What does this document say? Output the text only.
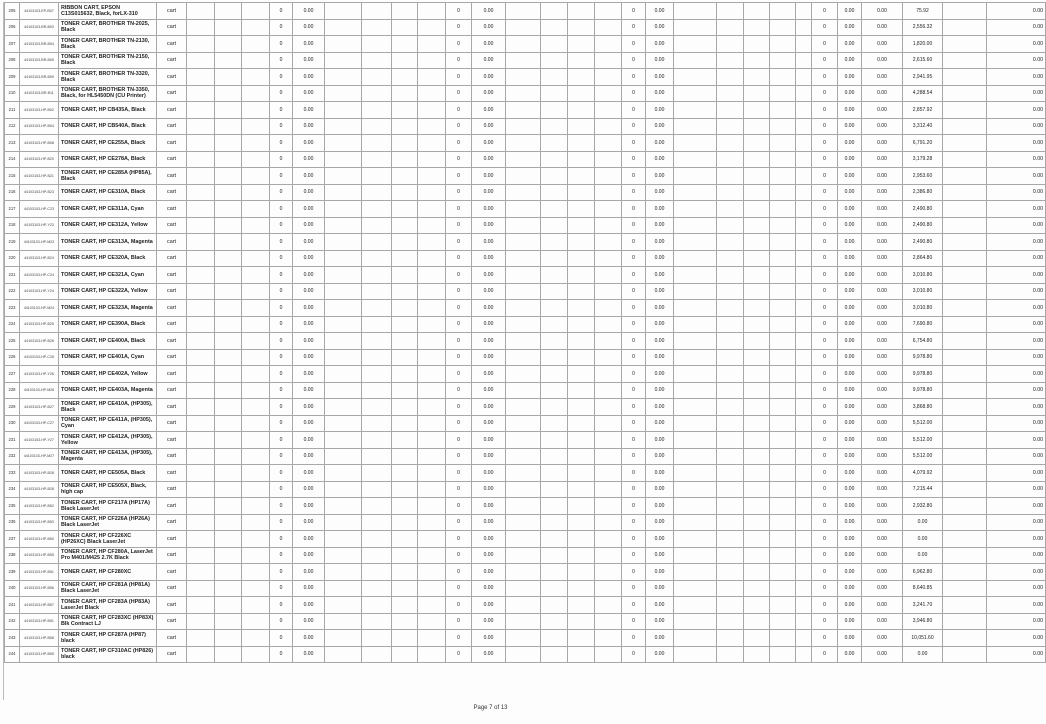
205	44103103-EP-B07	RIBBON CART, EPSON C13S015632, Black, forLX-310	cart				0	0.00					0	0.00					0	0.00						0	0.00	0.00	75.92		0.00
206	44103103-BR-B03	TONER CART, BROTHER TN-2025, Black	cart				0	0.00					0	0.00					0	0.00						0	0.00	0.00	2,556.32		0.00
207	44103103-BR-B04	TONER CART, BROTHER TN-2130, Black	cart				0	0.00					0	0.00					0	0.00						0	0.00	0.00	1,820.00		0.00
208	44103103-BR-B05	TONER CART, BROTHER TN-2150, Black	cart				0	0.00					0	0.00					0	0.00						0	0.00	0.00	2,615.60		0.00
209	44103103-BR-B09	TONER CART, BROTHER TN-3320, Black	cart				0	0.00					0	0.00					0	0.00						0	0.00	0.00	2,941.95		0.00
210	44103103-BR-B11	TONER CART, BROTHER TN-3350, Black, for HL5450DN (CU Printer)	cart				0	0.00					0	0.00					0	0.00						0	0.00	0.00	4,288.54		0.00
211	44103103-HP-B02	TONER CART, HP CB435A, Black	cart				0	0.00					0	0.00					0	0.00						0	0.00	0.00	2,857.92		0.00
212	44103103-HP-B04	TONER CART, HP CB540A, Black	cart				0	0.00					0	0.00					0	0.00						0	0.00	0.00	3,312.40		0.00
213	44103103-HP-B08	TONER CART, HP CE255A, Black	cart				0	0.00					0	0.00					0	0.00						0	0.00	0.00	6,791.20		0.00
214	44103103-HP-B20	TONER CART, HP CE278A, Black	cart				0	0.00					0	0.00					0	0.00						0	0.00	0.00	3,179.28		0.00
215	44103103-HP-B21	TONER CART, HP CE285A (HP85A), Black	cart				0	0.00					0	0.00					0	0.00						0	0.00	0.00	2,953.60		0.00
216	44103103-HP-B23	TONER CART, HP CE310A, Black	cart				0	0.00					0	0.00					0	0.00						0	0.00	0.00	2,386.80		0.00
217	44103103-HP-C23	TONER CART, HP CE311A, Cyan	cart				0	0.00					0	0.00					0	0.00						0	0.00	0.00	2,490.80		0.00
218	44103103-HP-Y23	TONER CART, HP CE312A, Yellow	cart				0	0.00					0	0.00					0	0.00						0	0.00	0.00	2,490.80		0.00
219	44103103-HP-M23	TONER CART, HP CE313A, Magenta	cart				0	0.00					0	0.00					0	0.00						0	0.00	0.00	2,490.80		0.00
220	44103103-HP-B24	TONER CART, HP CE320A, Black	cart				0	0.00					0	0.00					0	0.00						0	0.00	0.00	2,864.80		0.00
221	44103103-HP-C24	TONER CART, HP CE321A, Cyan	cart				0	0.00					0	0.00					0	0.00						0	0.00	0.00	3,010.80		0.00
222	44103103-HP-Y24	TONER CART, HP CE322A, Yellow	cart				0	0.00					0	0.00					0	0.00						0	0.00	0.00	3,010.80		0.00
223	44103103-HP-M24	TONER CART, HP CE323A, Magenta	cart				0	0.00					0	0.00					0	0.00						0	0.00	0.00	3,010.80		0.00
224	44103103-HP-B25	TONER CART, HP CE390A, Black	cart				0	0.00					0	0.00					0	0.00						0	0.00	0.00	7,690.80		0.00
225	44103103-HP-B26	TONER CART, HP CE400A, Black	cart				0	0.00					0	0.00					0	0.00						0	0.00	0.00	6,754.80		0.00
226	44103103-HP-C26	TONER CART, HP CE401A, Cyan	cart				0	0.00					0	0.00					0	0.00						0	0.00	0.00	9,978.80		0.00
227	44103103-HP-Y26	TONER CART, HP CE402A, Yellow	cart				0	0.00					0	0.00					0	0.00						0	0.00	0.00	9,978.80		0.00
228	44103103-HP-M26	TONER CART, HP CE403A, Magenta	cart				0	0.00					0	0.00					0	0.00						0	0.00	0.00	9,978.80		0.00
229	44103103-HP-B27	TONER CART, HP CE410A, (HP305), Black	cart				0	0.00					0	0.00					0	0.00						0	0.00	0.00	3,868.80		0.00
230	44103103-HP-C27	TONER CART, HP CE411A, (HP305), Cyan	cart				0	0.00					0	0.00					0	0.00						0	0.00	0.00	5,512.00		0.00
231	44103103-HP-Y27	TONER CART, HP CE412A, (HP305), Yellow	cart				0	0.00					0	0.00					0	0.00						0	0.00	0.00	5,512.00		0.00
232	44103103-HP-M27	TONER CART, HP CE413A, (HP305), Magenta	cart				0	0.00					0	0.00					0	0.00						0	0.00	0.00	5,512.00		0.00
233	44103103-HP-B28	TONER CART, HP CE505A, Black	cart				0	0.00					0	0.00					0	0.00						0	0.00	0.00	4,079.92		0.00
234	44103103-HP-B28	TONER CART, HP CE505X, Black, high cap	cart				0	0.00					0	0.00					0	0.00						0	0.00	0.00	7,215.44		0.00
235	44103103-HP-B52	TONER CART, HP CF217A (HP17A) Black LaserJet	cart				0	0.00					0	0.00					0	0.00						0	0.00	0.00	2,932.80		0.00
236	44103103-HP-B53	TONER CART, HP CF226A (HP26A) Black LaserJet	cart				0	0.00					0	0.00					0	0.00						0	0.00	0.00	0.00		0.00
237	44103103-HP-B50	TONER CART, HP CF226XC (HP26XC) Black LaserJet	cart				0	0.00					0	0.00					0	0.00						0	0.00	0.00	0.00		0.00
238	44103103-HP-B55	TONER CART, HP CF280A, LaserJet Pro M401/M425 2.7K Black	cart				0	0.00					0	0.00					0	0.00						0	0.00	0.00	0.00		0.00
239	44103103-HP-B51	TONER CART, HP CF280XC	cart				0	0.00					0	0.00					0	0.00						0	0.00	0.00	6,962.80		0.00
240	44103103-HP-B56	TONER CART, HP CF281A (HP81A) Black LaserJet	cart				0	0.00					0	0.00					0	0.00						0	0.00	0.00	8,640.85		0.00
241	44103103-HP-B57	TONER CART, HP CF283A (HP83A) LaserJet Black	cart				0	0.00					0	0.00					0	0.00						0	0.00	0.00	3,241.70		0.00
242	44103103-HP-B51	TONER CART, HP CF283XC (HP83X) Blk Contract LJ	cart				0	0.00					0	0.00					0	0.00						0	0.00	0.00	3,946.80		0.00
243	44103103-HP-B58	TONER CART, HP CF287A (HP87) black	cart				0	0.00					0	0.00					0	0.00						0	0.00	0.00	10,051.60		0.00
244	44103103-HP-B59	TONER CART, HP CF310AC (HP826) black	cart				0	0.00					0	0.00					0	0.00						0	0.00	0.00	0.00		0.00
Page 7 of 13
